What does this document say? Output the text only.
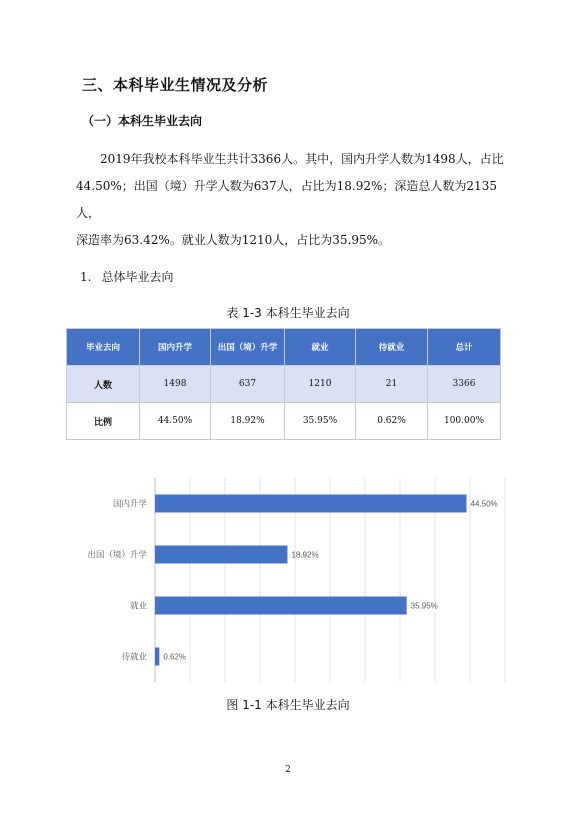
三、本科毕业生情况及分析
（一）本科生毕业去向

2019年我校本科毕业生共计3366人。其中，国内升学人数为1498人，占比

44.50%；出国（境）升学人数为637人，占比为18.92%；深造总人数为2135人，

深造率为63.42%。就业人数为1210人，占比为35.95%。

1. 总体毕业去向
表 1-3 本科生毕业去向
毕业去向	国内升学	出国（境）升学	就业	待就业	总计
人数	1498	637	1210	21	3366
比例	44.50%	18.92%	35.95%	0.62%	100.00%
国内升学	44.50%
出国（境）升学	18.92%
就业	35.95%
待就业 0.62%
图 1-1 本科生毕业去向
2
